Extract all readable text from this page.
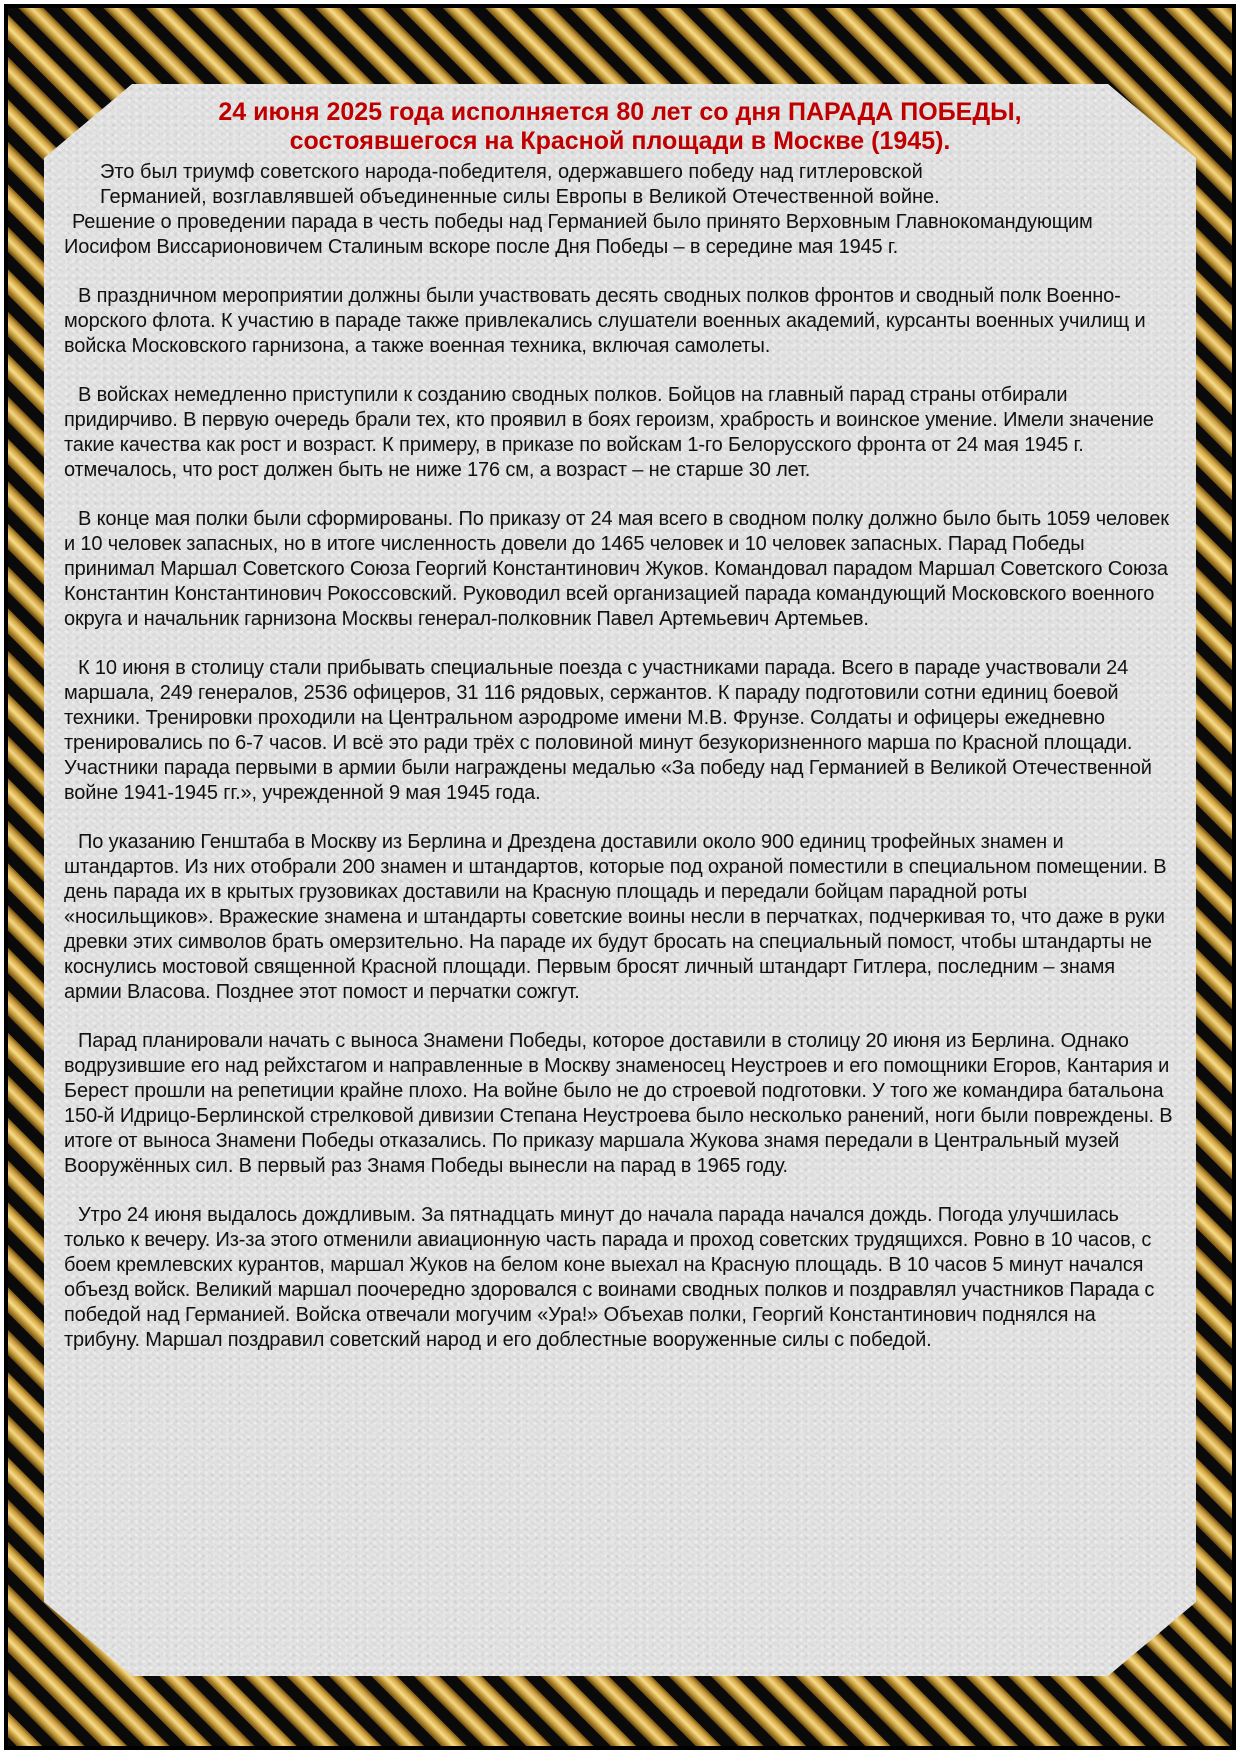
24 июня 2025 года исполняется 80 лет со дня ПАРАДА ПОБЕДЫ,
состоявшегося на Красной площади в Москве (1945).

Это был триумф советского народа-победителя, одержавшего победу над гитлеровской
Германией, возглавлявшей объединенные силы Европы в Великой Отечественной войне.

Решение о проведении парада в честь победы над Германией было принято Верховным Главнокомандующим Иосифом Виссарионовичем Сталиным вскоре после Дня Победы – в середине мая 1945 г.

В праздничном мероприятии должны были участвовать десять сводных полков фронтов и сводный полк Военно-морского флота. К участию в параде также привлекались слушатели военных академий, курсанты военных училищ и войска Московского гарнизона, а также военная техника, включая самолеты.

В войсках немедленно приступили к созданию сводных полков. Бойцов на главный парад страны отбирали придирчиво. В первую очередь брали тех, кто проявил в боях героизм, храбрость и воинское умение. Имели значение такие качества как рост и возраст. К примеру, в приказе по войскам 1-го Белорусского фронта от 24 мая 1945 г. отмечалось, что рост должен быть не ниже 176 см, а возраст – не старше 30 лет.

В конце мая полки были сформированы. По приказу от 24 мая всего в сводном полку должно было быть 1059 человек и 10 человек запасных, но в итоге численность довели до 1465 человек и 10 человек запасных. Парад Победы принимал Маршал Советского Союза Георгий Константинович Жуков. Командовал парадом Маршал Советского Союза Константин Константинович Рокоссовский. Руководил всей организацией парада командующий Московского военного округа и начальник гарнизона Москвы генерал-полковник Павел Артемьевич Артемьев.

К 10 июня в столицу стали прибывать специальные поезда с участниками парада. Всего в параде участвовали 24 маршала, 249 генералов, 2536 офицеров, 31 116 рядовых, сержантов. К параду подготовили сотни единиц боевой техники. Тренировки проходили на Центральном аэродроме имени М.В. Фрунзе. Солдаты и офицеры ежедневно тренировались по 6-7 часов. И всё это ради трёх с половиной минут безукоризненного марша по Красной площади. Участники парада первыми в армии были награждены медалью «За победу над Германией в Великой Отечественной войне 1941-1945 гг.», учрежденной 9 мая 1945 года.

По указанию Генштаба в Москву из Берлина и Дрездена доставили около 900 единиц трофейных знамен и штандартов. Из них отобрали 200 знамен и штандартов, которые под охраной поместили в специальном помещении. В день парада их в крытых грузовиках доставили на Красную площадь и передали бойцам парадной роты «носильщиков». Вражеские знамена и штандарты советские воины несли в перчатках, подчеркивая то, что даже в руки древки этих символов брать омерзительно. На параде их будут бросать на специальный помост, чтобы штандарты не коснулись мостовой священной Красной площади. Первым бросят личный штандарт Гитлера, последним – знамя армии Власова. Позднее этот помост и перчатки сожгут.

Парад планировали начать с выноса Знамени Победы, которое доставили в столицу 20 июня из Берлина. Однако водрузившие его над рейхстагом и направленные в Москву знаменосец Неустроев и его помощники Егоров, Кантария и Берест прошли на репетиции крайне плохо. На войне было не до строевой подготовки. У того же командира батальона 150-й Идрицо-Берлинской стрелковой дивизии Степана Неустроева было несколько ранений, ноги были повреждены. В итоге от выноса Знамени Победы отказались. По приказу маршала Жукова знамя передали в Центральный музей Вооружённых сил. В первый раз Знамя Победы вынесли на парад в 1965 году.

Утро 24 июня выдалось дождливым. За пятнадцать минут до начала парада начался дождь. Погода улучшилась только к вечеру. Из-за этого отменили авиационную часть парада и проход советских трудящихся. Ровно в 10 часов, с боем кремлевских курантов, маршал Жуков на белом коне выехал на Красную площадь. В 10 часов 5 минут начался объезд войск. Великий маршал поочередно здоровался с воинами сводных полков и поздравлял участников Парада с победой над Германией. Войска отвечали могучим «Ура!» Объехав полки, Георгий Константинович поднялся на трибуну. Маршал поздравил советский народ и его доблестные вооруженные силы с победой.
